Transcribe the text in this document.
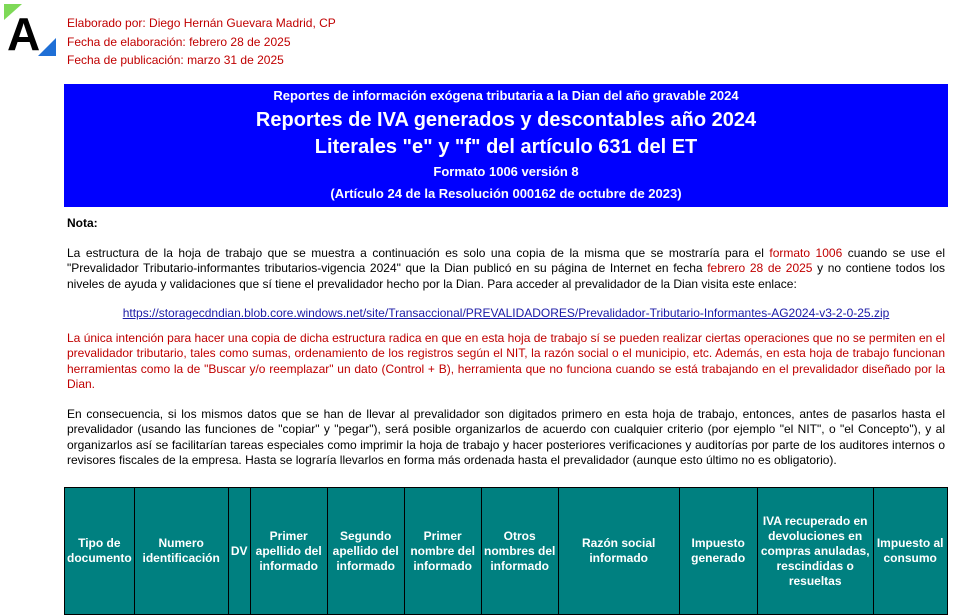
A Elaborado por: Diego Hernán Guevara Madrid, CP
Fecha de elaboración: febrero 28 de 2025
Fecha de publicación: marzo 31 de 2025
Reportes de información exógena tributaria a la Dian del año gravable 2024
Reportes de IVA generados y descontables año 2024
Literales "e" y "f" del artículo 631 del ET
Formato 1006 versión 8
(Artículo 24 de la Resolución 000162 de octubre de 2023)
Nota:
La estructura de la hoja de trabajo que se muestra a continuación es solo una copia de la misma que se mostraría para el formato 1006 cuando se use el "Prevalidador Tributario-informantes tributarios-vigencia 2024" que la Dian publicó en su página de Internet en fecha febrero 28 de 2025 y no contiene todos los niveles de ayuda y validaciones que sí tiene el prevalidador hecho por la Dian. Para acceder al prevalidador de la Dian visita este enlace:
https://storagecdndian.blob.core.windows.net/site/Transaccional/PREVALIDADORES/Prevalidador-Tributario-Informantes-AG2024-v3-2-0-25.zip
La única intención para hacer una copia de dicha estructura radica en que en esta hoja de trabajo sí se pueden realizar ciertas operaciones que no se permiten en el prevalidador tributario, tales como sumas, ordenamiento de los registros según el NIT, la razón social o el municipio, etc. Además, en esta hoja de trabajo funcionan herramientas como la de "Buscar y/o reemplazar" un dato (Control + B), herramienta que no funciona cuando se está trabajando en el prevalidador diseñado por la Dian.
En consecuencia, si los mismos datos que se han de llevar al prevalidador son digitados primero en esta hoja de trabajo, entonces, antes de pasarlos hasta el prevalidador (usando las funciones de "copiar" y "pegar"), será posible organizarlos de acuerdo con cualquier criterio (por ejemplo "el NIT", o "el Concepto"), y al organizarlos así se facilitarían tareas especiales como imprimir la hoja de trabajo y hacer posteriores verificaciones y auditorías por parte de los auditores internos o revisores fiscales de la empresa. Hasta se lograría llevarlos en forma más ordenada hasta el prevalidador (aunque esto último no es obligatorio).
Tipo de documento	Numero identificación	DV	Primer apellido del informado	Segundo apellido del informado	Primer nombre del informado	Otros nombres del informado	Razón social informado	Impuesto generado	IVA recuperado en devoluciones en compras anuladas, rescindidas o resueltas	Impuesto al consumo
